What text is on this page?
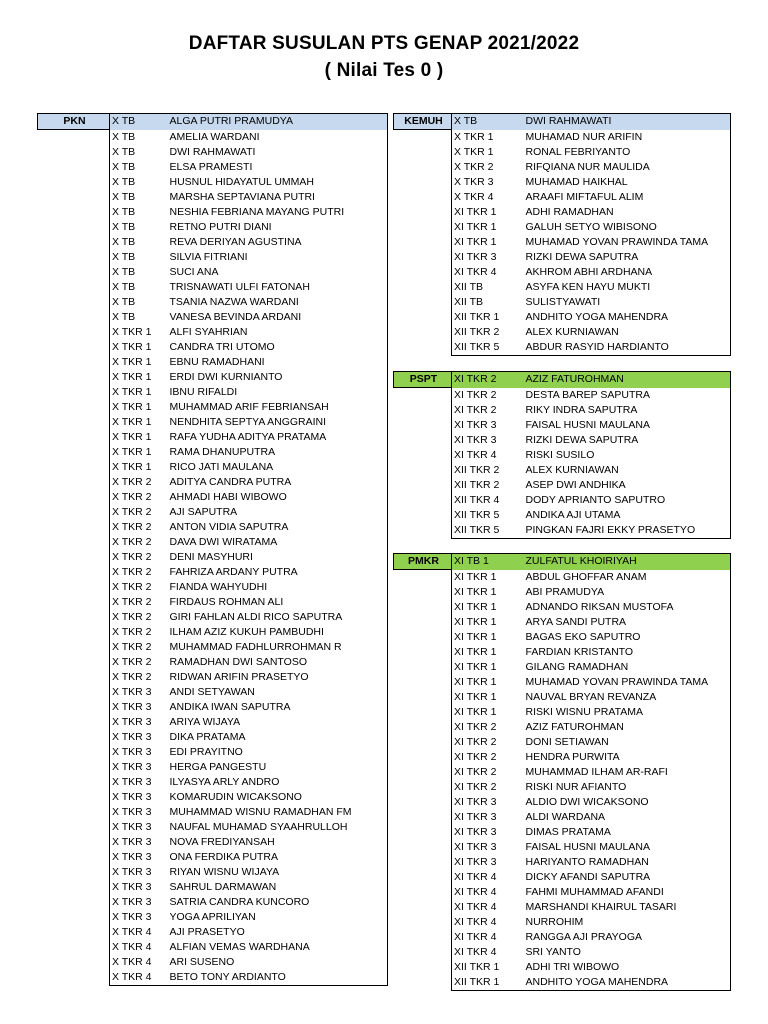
DAFTAR SUSULAN PTS GENAP 2021/2022
( Nilai Tes 0 )
PKN	X TB	ALGA PUTRI PRAMUDYA
	X TB	AMELIA WARDANI
	X TB	DWI RAHMAWATI
	X TB	ELSA PRAMESTI
	X TB	HUSNUL HIDAYATUL UMMAH
	X TB	MARSHA SEPTAVIANA PUTRI
	X TB	NESHIA FEBRIANA MAYANG PUTRI
	X TB	RETNO PUTRI DIANI
	X TB	REVA DERIYAN AGUSTINA
	X TB	SILVIA FITRIANI
	X TB	SUCI ANA
	X TB	TRISNAWATI ULFI FATONAH
	X TB	TSANIA NAZWA WARDANI
	X TB	VANESA BEVINDA ARDANI
	X TKR 1	ALFI SYAHRIAN
	X TKR 1	CANDRA TRI UTOMO
	X TKR 1	EBNU RAMADHANI
	X TKR 1	ERDI DWI KURNIANTO
	X TKR 1	IBNU RIFALDI
	X TKR 1	MUHAMMAD ARIF FEBRIANSAH
	X TKR 1	NENDHITA SEPTYA ANGGRAINI
	X TKR 1	RAFA YUDHA ADITYA PRATAMA
	X TKR 1	RAMA DHANUPUTRA
	X TKR 1	RICO JATI MAULANA
	X TKR 2	ADITYA CANDRA PUTRA
	X TKR 2	AHMADI HABI WIBOWO
	X TKR 2	AJI SAPUTRA
	X TKR 2	ANTON VIDIA SAPUTRA
	X TKR 2	DAVA DWI WIRATAMA
	X TKR 2	DENI MASYHURI
	X TKR 2	FAHRIZA ARDANY PUTRA
	X TKR 2	FIANDA WAHYUDHI
	X TKR 2	FIRDAUS ROHMAN ALI
	X TKR 2	GIRI FAHLAN ALDI RICO SAPUTRA
	X TKR 2	ILHAM AZIZ KUKUH PAMBUDHI
	X TKR 2	MUHAMMAD FADHLURROHMAN R
	X TKR 2	RAMADHAN DWI SANTOSO
	X TKR 2	RIDWAN ARIFIN PRASETYO
	X TKR 3	ANDI SETYAWAN
	X TKR 3	ANDIKA IWAN SAPUTRA
	X TKR 3	ARIYA WIJAYA
	X TKR 3	DIKA PRATAMA
	X TKR 3	EDI PRAYITNO
	X TKR 3	HERGA PANGESTU
	X TKR 3	ILYASYA ARLY ANDRO
	X TKR 3	KOMARUDIN WICAKSONO
	X TKR 3	MUHAMMAD WISNU RAMADHAN FM
	X TKR 3	NAUFAL MUHAMAD SYAAHRULLOH
	X TKR 3	NOVA FREDIYANSAH
	X TKR 3	ONA FERDIKA PUTRA
	X TKR 3	RIYAN WISNU WIJAYA
	X TKR 3	SAHRUL DARMAWAN
	X TKR 3	SATRIA CANDRA KUNCORO
	X TKR 3	YOGA APRILIYAN
	X TKR 4	AJI PRASETYO
	X TKR 4	ALFIAN VEMAS WARDHANA
	X TKR 4	ARI SUSENO
	X TKR 4	BETO TONY ARDIANTO
KEMUH	X TB	DWI RAHMAWATI
	X TKR 1	MUHAMAD NUR ARIFIN
	X TKR 1	RONAL FEBRIYANTO
	X TKR 2	RIFQIANA NUR MAULIDA
	X TKR 3	MUHAMAD HAIKHAL
	X TKR 4	ARAAFI MIFTAFUL ALIM
	XI TKR 1	ADHI RAMADHAN
	XI TKR 1	GALUH SETYO WIBISONO
	XI TKR 1	MUHAMAD YOVAN PRAWINDA TAMA
	XI TKR 3	RIZKI DEWA SAPUTRA
	XI TKR 4	AKHROM ABHI ARDHANA
	XII TB	ASYFA KEN HAYU MUKTI
	XII TB	SULISTYAWATI
	XII TKR 1	ANDHITO YOGA MAHENDRA
	XII TKR 2	ALEX KURNIAWAN
	XII TKR 5	ABDUR RASYID HARDIANTO
PSPT	XI TKR 2	AZIZ FATUROHMAN
	XI TKR 2	DESTA BAREP SAPUTRA
	XI TKR 2	RIKY INDRA SAPUTRA
	XI TKR 3	FAISAL HUSNI MAULANA
	XI TKR 3	RIZKI DEWA SAPUTRA
	XI TKR 4	RISKI SUSILO
	XII TKR 2	ALEX KURNIAWAN
	XII TKR 2	ASEP DWI ANDHIKA
	XII TKR 4	DODY APRIANTO SAPUTRO
	XII TKR 5	ANDIKA AJI UTAMA
	XII TKR 5	PINGKAN FAJRI EKKY PRASETYO
PMKR	XI TB 1	ZULFATUL KHOIRIYAH
	XI TKR 1	ABDUL GHOFFAR ANAM
	XI TKR 1	ABI PRAMUDYA
	XI TKR 1	ADNANDO RIKSAN MUSTOFA
	XI TKR 1	ARYA SANDI PUTRA
	XI TKR 1	BAGAS EKO SAPUTRO
	XI TKR 1	FARDIAN KRISTANTO
	XI TKR 1	GILANG RAMADHAN
	XI TKR 1	MUHAMAD YOVAN PRAWINDA TAMA
	XI TKR 1	NAUVAL BRYAN REVANZA
	XI TKR 1	RISKI WISNU PRATAMA
	XI TKR 2	AZIZ FATUROHMAN
	XI TKR 2	DONI SETIAWAN
	XI TKR 2	HENDRA PURWITA
	XI TKR 2	MUHAMMAD ILHAM AR-RAFI
	XI TKR 2	RISKI NUR AFIANTO
	XI TKR 3	ALDIO DWI WICAKSONO
	XI TKR 3	ALDI WARDANA
	XI TKR 3	DIMAS PRATAMA
	XI TKR 3	FAISAL HUSNI MAULANA
	XI TKR 3	HARIYANTO RAMADHAN
	XI TKR 4	DICKY AFANDI SAPUTRA
	XI TKR 4	FAHMI MUHAMMAD AFANDI
	XI TKR 4	MARSHANDI KHAIRUL TASARI
	XI TKR 4	NURROHIM
	XI TKR 4	RANGGA AJI PRAYOGA
	XI TKR 4	SRI YANTO
	XII TKR 1	ADHI TRI WIBOWO
	XII TKR 1	ANDHITO YOGA MAHENDRA
